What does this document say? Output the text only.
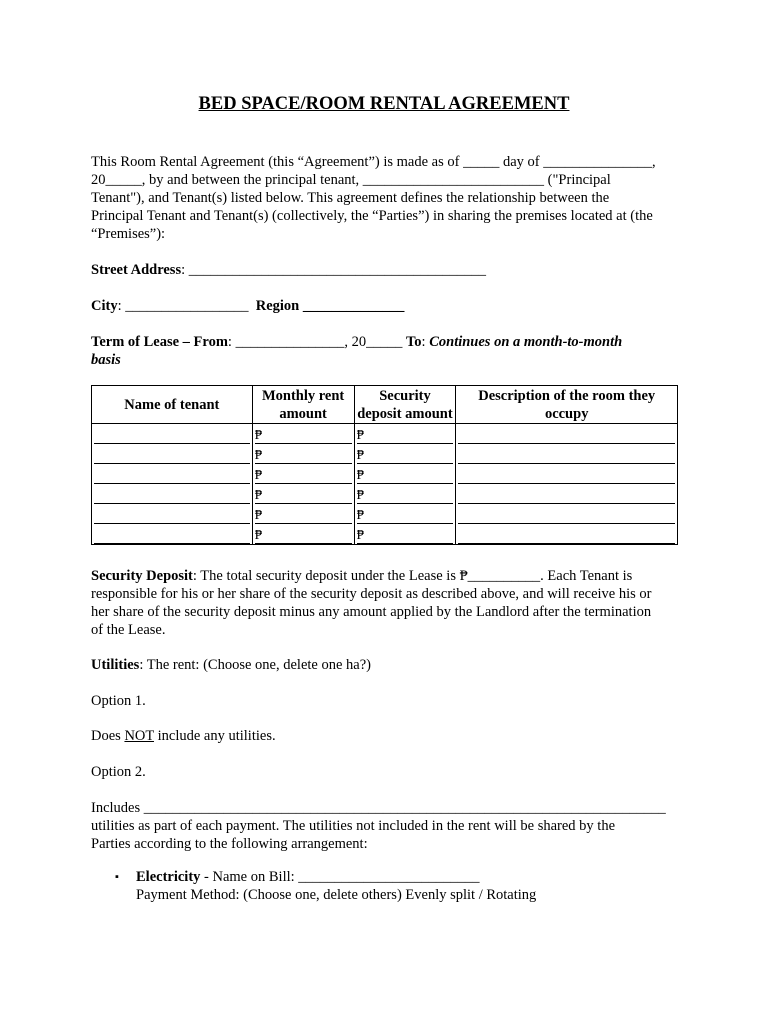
BED SPACE/ROOM RENTAL AGREEMENT
This Room Rental Agreement (this “Agreement”) is made as of _____ day of _______________,
20_____, by and between the principal tenant, _________________________ ("Principal
Tenant"), and Tenant(s) listed below. This agreement defines the relationship between the
Principal Tenant and Tenant(s) (collectively, the “Parties”) in sharing the premises located at (the
“Premises”):
Street Address: _________________________________________
City: _________________ Region ______________
Term of Lease – From: _______________, 20_____ To: Continues on a month-to-month
basis
Name of tenant	Monthly rent amount	Security deposit amount	Description of the room they occupy

	₱	₱	

	₱	₱	

	₱	₱	

	₱	₱	

	₱	₱	

	₱	₱	

Security Deposit: The total security deposit under the Lease is ₱__________. Each Tenant is
responsible for his or her share of the security deposit as described above, and will receive his or
her share of the security deposit minus any amount applied by the Landlord after the termination
of the Lease.
Utilities: The rent: (Choose one, delete one ha?)
Option 1.
Does NOT include any utilities.
Option 2.
Includes ________________________________________________________________________
utilities as part of each payment. The utilities not included in the rent will be shared by the
Parties according to the following arrangement:
▪ Electricity - Name on Bill: _________________________
Payment Method: (Choose one, delete others) Evenly split / Rotating
